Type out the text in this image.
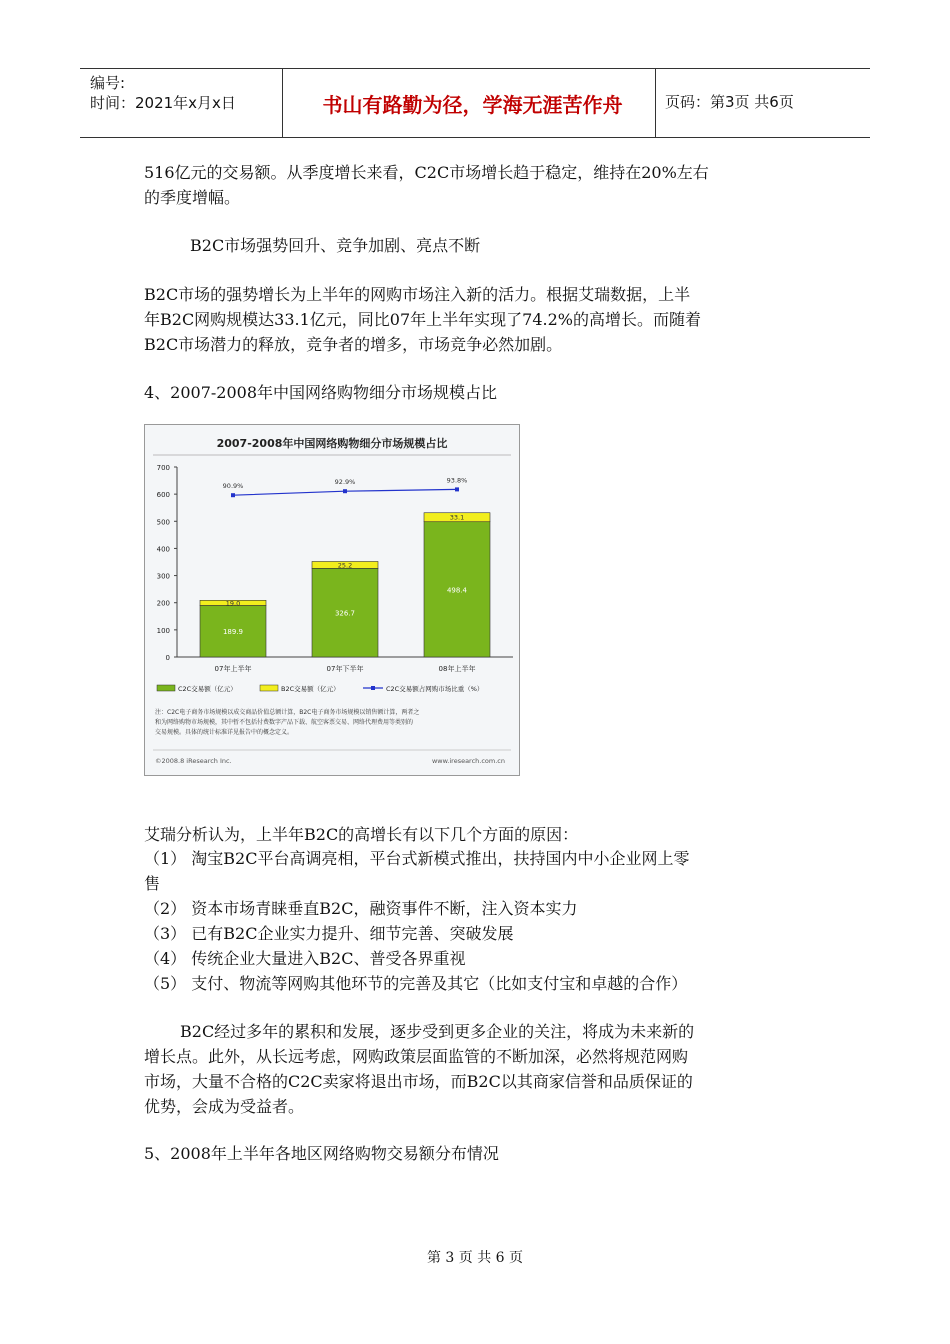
编号:
时间：2021年x月x日	书山有路勤为径，学海无涯苦作舟	页码：第3页 共6页
516亿元的交易额。从季度增长来看，C2C市场增长趋于稳定，维持在20%左右
的季度增幅。
B2C市场强势回升、竞争加剧、亮点不断
B2C市场的强势增长为上半年的网购市场注入新的活力。根据艾瑞数据，上半
年B2C网购规模达33.1亿元，同比07年上半年实现了74.2%的高增长。而随着
B2C市场潜力的释放，竞争者的增多，市场竞争必然加剧。
4、2007-2008年中国网络购物细分市场规模占比
2007-2008年中国网络购物细分市场规模占比
0
100
200
300
400
500
600
700
189.9
19.0
07年上半年
326.7
25.2
07年下半年
498.4
33.1
08年上半年
90.9%	92.9%	93.8%
C2C交易额（亿元）	B2C交易额（亿元）	C2C交易额占网购市场比重（%）
注：C2C电子商务市场规模以成交商品价值总额计算，B2C电子商务市场规模以销售额计算，两者之
和为网络购物市场规模，其中暂不包括付费数字产品下载、航空客票交易、网络代理费用等类别的
交易规模。具体的统计标准详见报告中的概念定义。
©2008.8 iResearch Inc.	www.iresearch.com.cn
艾瑞分析认为，上半年B2C的高增长有以下几个方面的原因：
（1） 淘宝B2C平台高调亮相，平台式新模式推出，扶持国内中小企业网上零
售
（2） 资本市场青睐垂直B2C，融资事件不断，注入资本实力
（3） 已有B2C企业实力提升、细节完善、突破发展
（4） 传统企业大量进入B2C、普受各界重视
（5） 支付、物流等网购其他环节的完善及其它（比如支付宝和卓越的合作）
B2C经过多年的累积和发展，逐步受到更多企业的关注，将成为未来新的
增长点。此外，从长远考虑，网购政策层面监管的不断加深，必然将规范网购
市场，大量不合格的C2C卖家将退出市场，而B2C以其商家信誉和品质保证的
优势，会成为受益者。
5、2008年上半年各地区网络购物交易额分布情况
第 3 页 共 6 页
